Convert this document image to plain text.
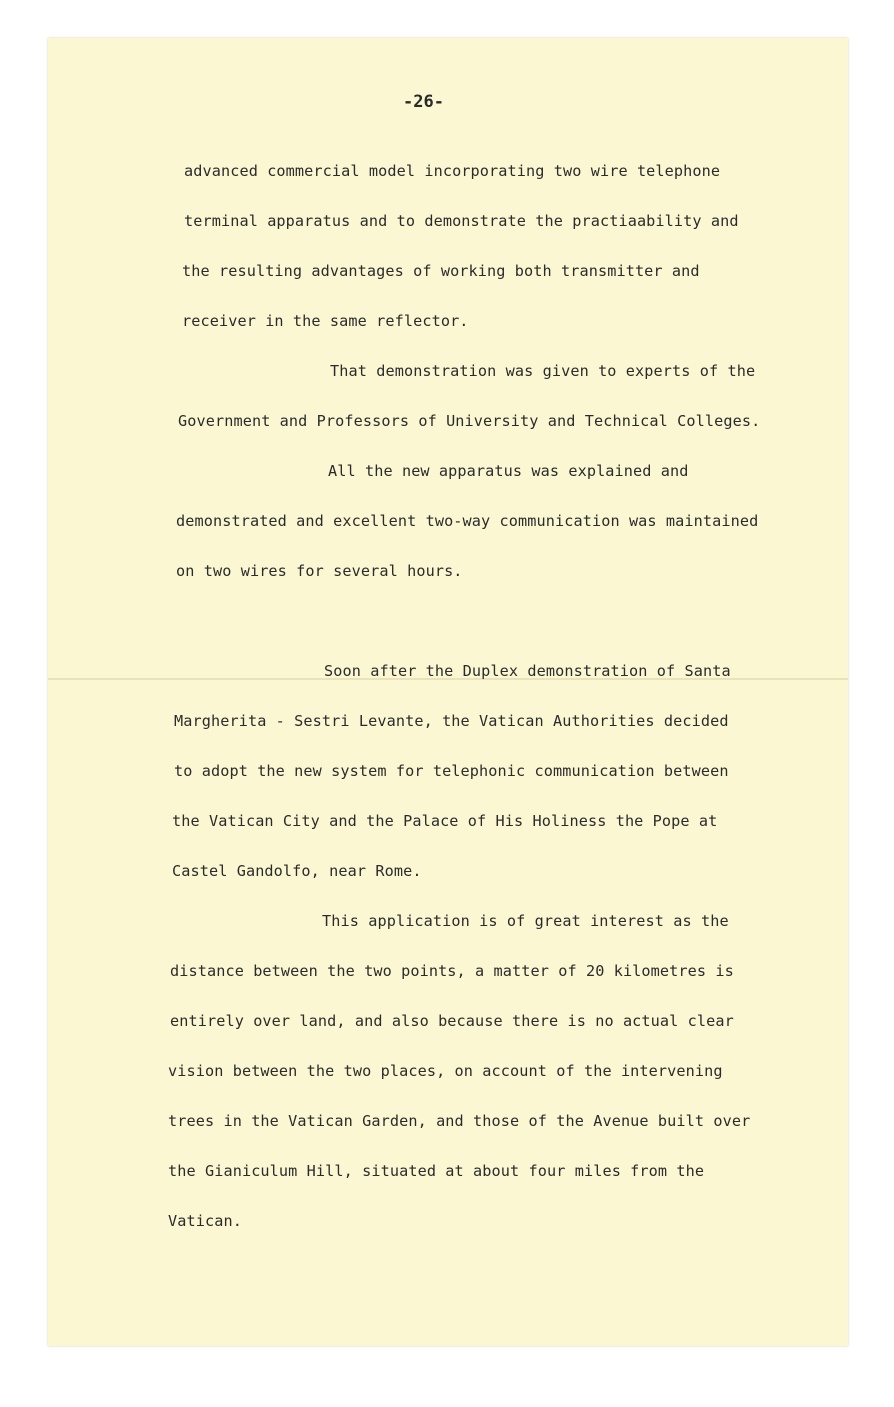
-26-
advanced commercial model incorporating two wire telephone
terminal apparatus and to demonstrate the practiaability and
the resulting advantages of working both transmitter and
receiver in the same reflector.
That demonstration was given to experts of the
Government and Professors of University and Technical Colleges.
All the new apparatus was explained and
demonstrated and excellent two-way communication was maintained
on two wires for several hours.
Soon after the Duplex demonstration of Santa
Margherita - Sestri Levante, the Vatican Authorities decided
to adopt the new system for telephonic communication between
the Vatican City and the Palace of His Holiness the Pope at
Castel Gandolfo, near Rome.
This application is of great interest as the
distance between the two points, a matter of 20 kilometres is
entirely over land, and also because there is no actual clear
vision between the two places, on account of the intervening
trees in the Vatican Garden, and those of the Avenue built over
the Gianiculum Hill, situated at about four miles from the
Vatican.
